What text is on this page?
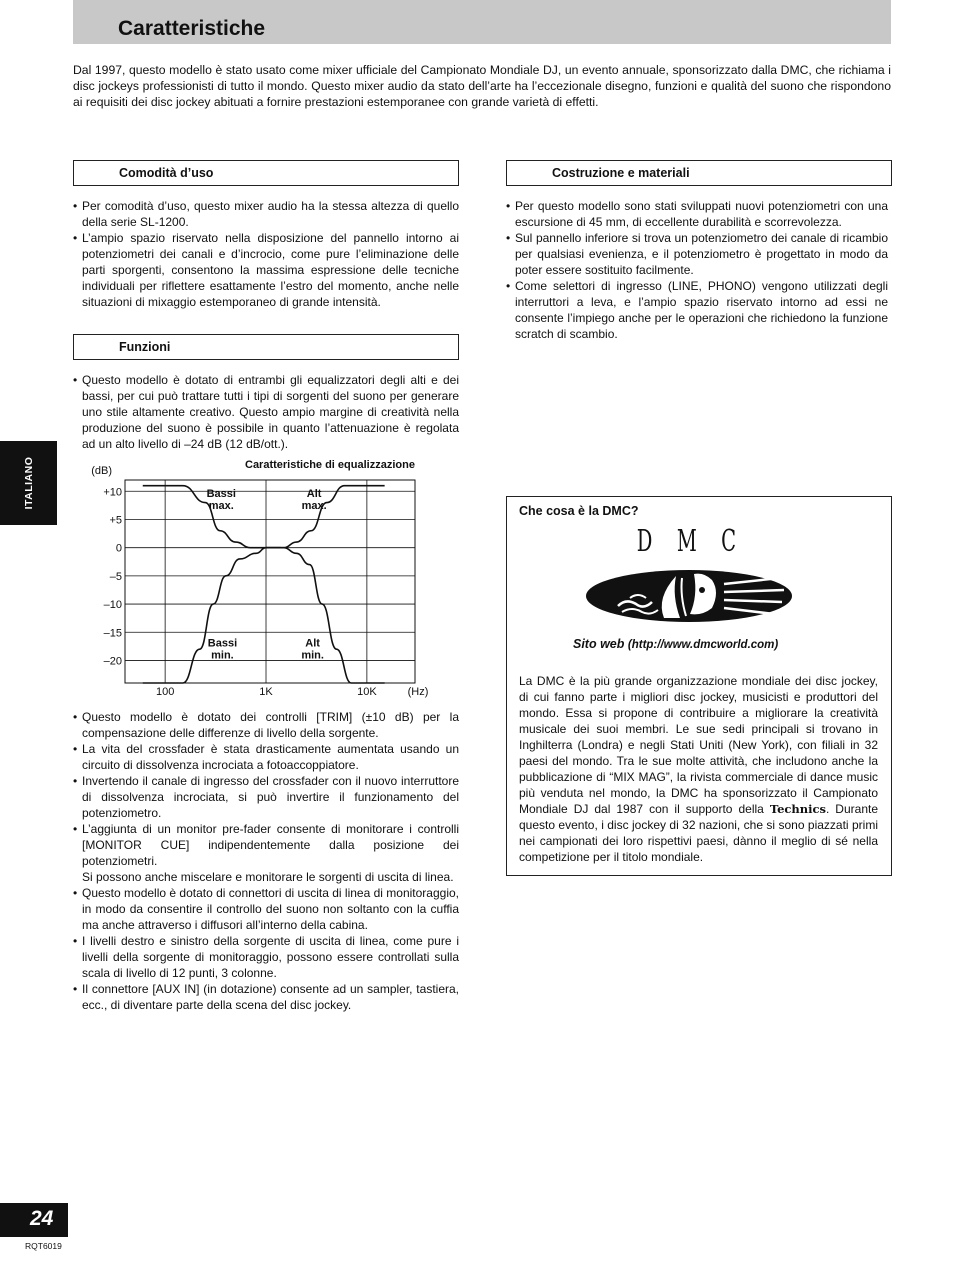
Caratteristiche
Dal 1997, questo modello è stato usato come mixer ufficiale del Campionato Mondiale DJ, un evento annuale, sponsorizzato dalla DMC, che richiama i disc jockeys professionisti di tutto il mondo. Questo mixer audio da stato dell’arte ha l’eccezionale disegno, funzioni e qualità del suono che rispondono ai requisiti dei disc jockey abituati a fornire prestazioni estemporanee con grande varietà di effetti.
Comodità d’uso
• Per comodità d’uso, questo mixer audio ha la stessa altezza di quello della serie SL-1200.
• L’ampio spazio riservato nella disposizione del pannello intorno ai potenziometri dei canali e d’incrocio, come pure l’eliminazione delle parti sporgenti, consentono la massima espressione delle tecniche individuali per riflettere esattamente l’estro del momento, anche nelle situazioni di mixaggio estemporaneo di grande intensità.
Funzioni
• Questo modello è dotato di entrambi gli equalizzatori degli alti e dei bassi, per cui può trattare tutti i tipi di sorgenti del suono per generare uno stile altamente creativo. Questo ampio margine di creatività nella produzione del suono è possibile in quanto l’attenuazione è regolata ad un alto livello di –24 dB (12 dB/ott.).
ITALIANO	Caratteristiche di equalizzazione
+10
+5
0
–5
–10
–15
–20
100	1K	10K
(dB)
(Hz)
Bassi
max.
Alt
max.
Bassi
min.
Alt
min.
• Questo modello è dotato dei controlli [TRIM] (±10 dB) per la compensazione delle differenze di livello della sorgente.
• La vita del crossfader è stata drasticamente aumentata usando un circuito di dissolvenza incrociata a fotoaccoppiatore.
• Invertendo il canale di ingresso del crossfader con il nuovo interruttore di dissolvenza incrociata, si può invertire il funzionamento del potenziometro.
• L’aggiunta di un monitor pre-fader consente di monitorare i controlli [MONITOR CUE] indipendentemente dalla posizione dei potenziometri.

Si possono anche miscelare e monitorare le sorgenti di uscita di linea.

• Questo modello è dotato di connettori di uscita di linea di monitoraggio, in modo da consentire il controllo del suono non soltanto con la cuffia ma anche attraverso i diffusori all’interno della cabina.
• I livelli destro e sinistro della sorgente di uscita di linea, come pure i livelli della sorgente di monitoraggio, possono essere controllati sulla scala di livello di 12 punti, 3 colonne.
• Il connettore [AUX IN] (in dotazione) consente ad un sampler, tastiera, ecc., di diventare parte della scena del disc jockey.
Costruzione e materiali
• Per questo modello sono stati sviluppati nuovi potenziometri con una escursione di 45 mm, di eccellente durabilità e scorrevolezza.
• Sul pannello inferiore si trova un potenziometro dei canale di ricambio per qualsiasi evenienza, e il potenziometro è progettato in modo da poter essere sostituito facilmente.
• Come selettori di ingresso (LINE, PHONO) vengono utilizzati degli interruttori a leva, e l’ampio spazio riservato intorno ad essi ne consente l’impiego anche per le operazioni che richiedono la funzione scratch di scambio.
Che cosa è la DMC?
D M C
Sito web (http://www.dmcworld.com)
La DMC è la più grande organizzazione mondiale dei disc jockey, di cui fanno parte i migliori disc jockey, musicisti e produttori del mondo. Essa si propone di contribuire a migliorare la creatività musicale dei suoi membri. Le sue sedi principali si trovano in Inghilterra (Londra) e negli Stati Uniti (New York), con filiali in 32 paesi del mondo. Tra le sue molte attività, che includono anche la pubblicazione di “MIX MAG”, la rivista commerciale di dance music più venduta nel mondo, la DMC ha sponsorizzato il Campionato Mondiale DJ dal 1987 con il supporto della Technics. Durante questo evento, i disc jockey di 32 nazioni, che si sono piazzati primi nei campionati dei loro rispettivi paesi, dànno il meglio di sé nella competizione per il titolo mondiale.
24
RQT6019
